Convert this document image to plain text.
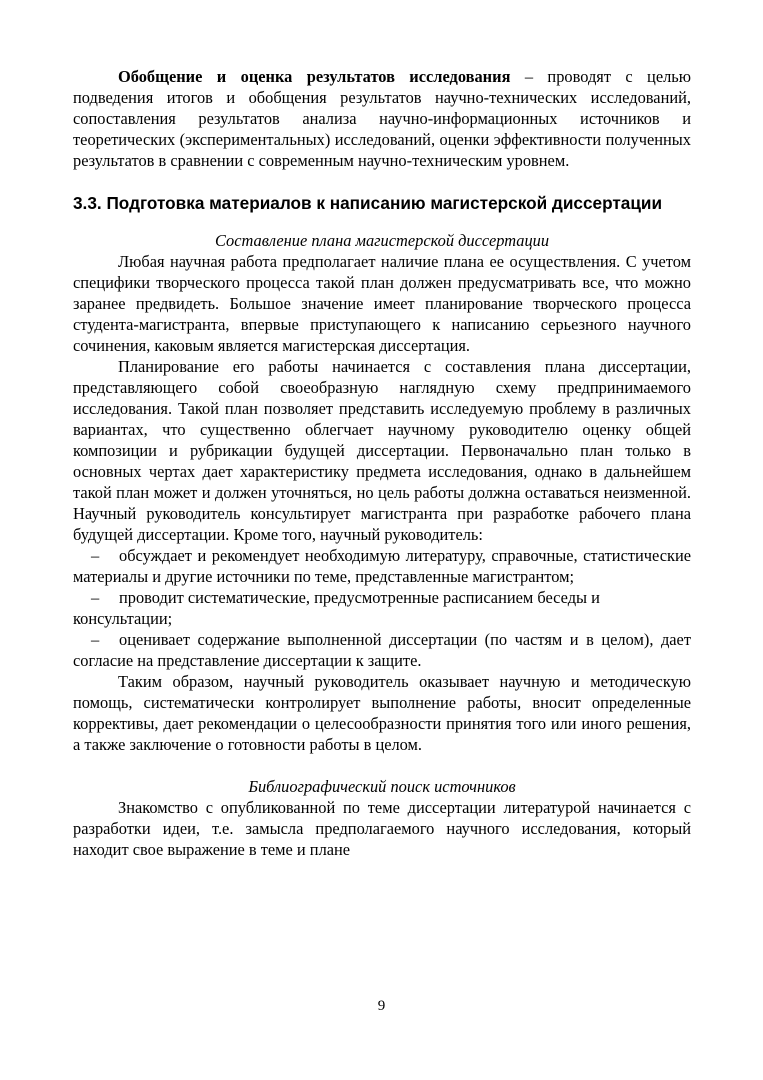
Обобщение и оценка результатов исследования – проводят с целью подведения итогов и обобщения результатов научно-технических исследований, сопоставления результатов анализа научно-информационных источников и теоретических (экспериментальных) исследований, оценки эффективности полученных результатов в сравнении с современным научно-техническим уровнем.

3.3. Подготовка материалов к написанию магистерской диссертации

Составление плана магистерской диссертации

Любая научная работа предполагает наличие плана ее осуществления. С учетом специфики творческого процесса такой план должен предусматривать все, что можно заранее предвидеть. Большое значение имеет планирование творческого процесса студента-магистранта, впервые приступающего к написанию серьезного научного сочинения, каковым является магистерская диссертация.

Планирование его работы начинается с составления плана диссертации, представляющего собой своеобразную наглядную схему предпринимаемого исследования. Такой план позволяет представить исследуемую проблему в различных вариантах, что существенно облегчает научному руководителю оценку общей композиции и рубрикации будущей диссертации. Первоначально план только в основных чертах дает характеристику предмета исследования, однако в дальнейшем такой план может и должен уточняться, но цель работы должна оставаться неизменной. Научный руководитель консультирует магистранта при разработке рабочего плана будущей диссертации. Кроме того, научный руководитель:

– обсуждает и рекомендует необходимую литературу, справочные, статистические материалы и другие источники по теме, представленные магистрантом;

– проводит систематические, предусмотренные расписанием беседы и консультации;

– оценивает содержание выполненной диссертации (по частям и в целом), дает согласие на представление диссертации к защите.

Таким образом, научный руководитель оказывает научную и методическую помощь, систематически контролирует выполнение работы, вносит определенные коррективы, дает рекомендации о целесообразности принятия того или иного решения, а также заключение о готовности работы в целом.

Библиографический поиск источников

Знакомство с опубликованной по теме диссертации литературой начинается с разработки идеи, т.е. замысла предполагаемого научного исследования, который находит свое выражение в теме и плане

9
